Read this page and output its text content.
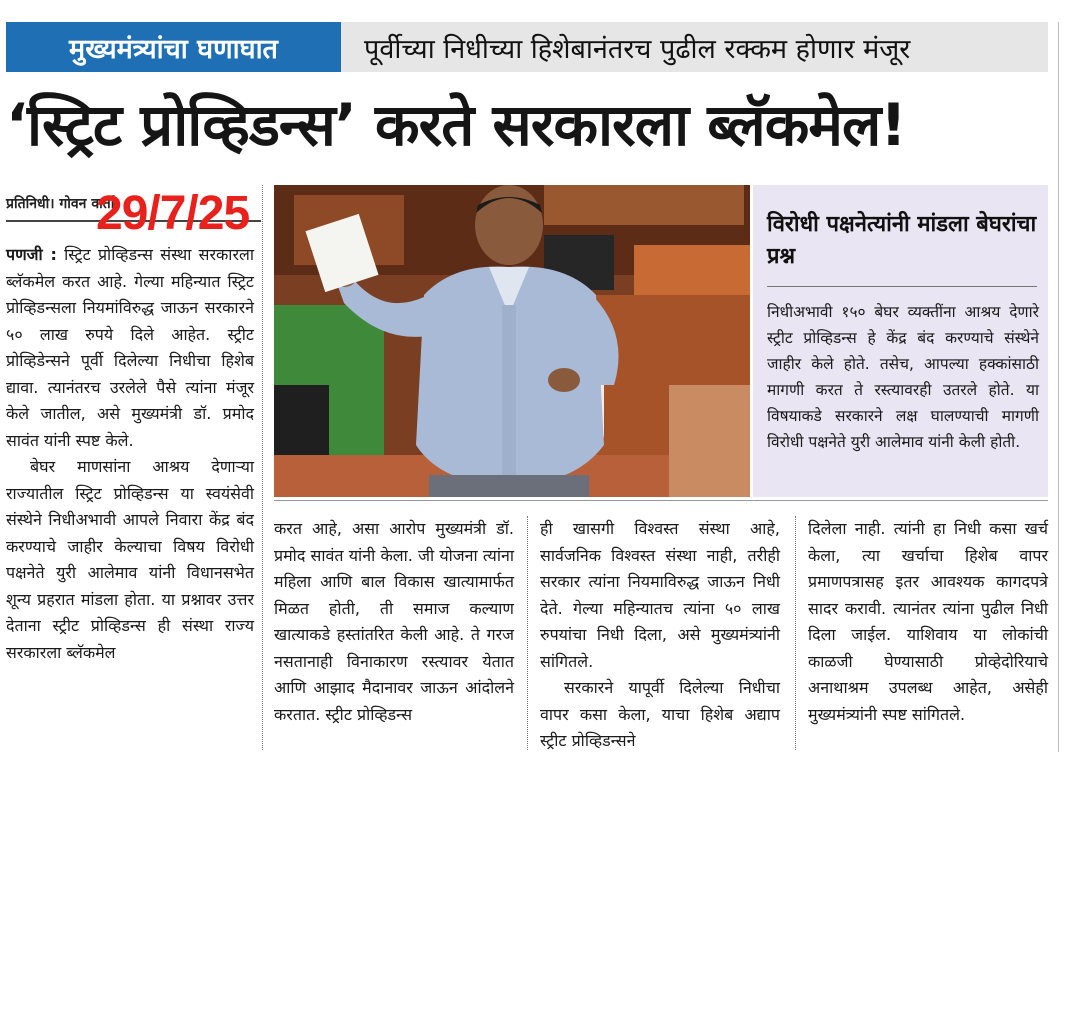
मुख्यमंत्र्यांचा घणाघात	पूर्वीच्या निधीच्या हिशेबानंतरच पुढील रक्कम होणार मंजूर
‘स्ट्रिट प्रोव्हिडन्स’ करते सरकारला ब्लॅकमेल!
प्रतिनिधी। गोवन वार्ता

पणजी : स्ट्रिट प्रोव्हिडन्स संस्था सरकारला ब्लॅकमेल करत आहे. गेल्या महिन्यात स्ट्रिट प्रोव्हिडन्सला नियमांविरुद्ध जाऊन सरकारने ५० लाख रुपये दिले आहेत. स्ट्रीट प्रोव्हिडेन्सने पूर्वी दिलेल्या निधीचा हिशेब द्यावा. त्यानंतरच उरलेले पैसे त्यांना मंजूर केले जातील, असे मुख्यमंत्री डॉ. प्रमोद सावंत यांनी स्पष्ट केले.

बेघर माणसांना आश्रय देणाऱ्या राज्यातील स्ट्रिट प्रोव्हिडन्स या स्वयंसेवी संस्थेने निधीअभावी आपले निवारा केंद्र बंद करण्याचे जाहीर केल्याचा विषय विरोधी पक्षनेते युरी आलेमाव यांनी विधानसभेत शून्य प्रहरात मांडला होता. या प्रश्नावर उत्तर देताना स्ट्रीट प्रोव्हिडन्स ही संस्था राज्य सरकारला ब्लॅकमेल

29/7/25	विरोधी पक्षनेत्यांनी मांडला बेघरांचा प्रश्न
निधीअभावी १५० बेघर व्यक्तींना आश्रय देणारे स्ट्रीट प्रोव्हिडन्स हे केंद्र बंद करण्याचे संस्थेने जाहीर केले होते. तसेच, आपल्या हक्कांसाठी मागणी करत ते रस्त्यावरही उतरले होते. या विषयाकडे सरकारने लक्ष घालण्याची मागणी विरोधी पक्षनेते युरी आलेमाव यांनी केली होती.
करत आहे, असा आरोप मुख्यमंत्री डॉ. प्रमोद सावंत यांनी केला. जी योजना त्यांना महिला आणि बाल विकास खात्यामार्फत मिळत होती, ती समाज कल्याण खात्याकडे हस्तांतरित केली आहे. ते गरज नसतानाही विनाकारण रस्त्यावर येतात आणि आझाद मैदानावर जाऊन आंदोलने करतात. स्ट्रीट प्रोव्हिडन्स

ही खासगी विश्वस्त संस्था आहे, सार्वजनिक विश्वस्त संस्था नाही, तरीही सरकार त्यांना नियमाविरुद्ध जाऊन निधी देते. गेल्या महिन्यातच त्यांना ५० लाख रुपयांचा निधी दिला, असे मुख्यमंत्र्यांनी सांगितले.

सरकारने यापूर्वी दिलेल्या निधीचा वापर कसा केला, याचा हिशेब अद्याप स्ट्रीट प्रोव्हिडन्सने

दिलेला नाही. त्यांनी हा निधी कसा खर्च केला, त्या खर्चाचा हिशेब वापर प्रमाणपत्रासह इतर आवश्यक कागदपत्रे सादर करावी. त्यानंतर त्यांना पुढील निधी दिला जाईल. याशिवाय या लोकांची काळजी घेण्यासाठी प्रोव्हेदोरियाचे अनाथाश्रम उपलब्ध आहेत, असेही मुख्यमंत्र्यांनी स्पष्ट सांगितले.
